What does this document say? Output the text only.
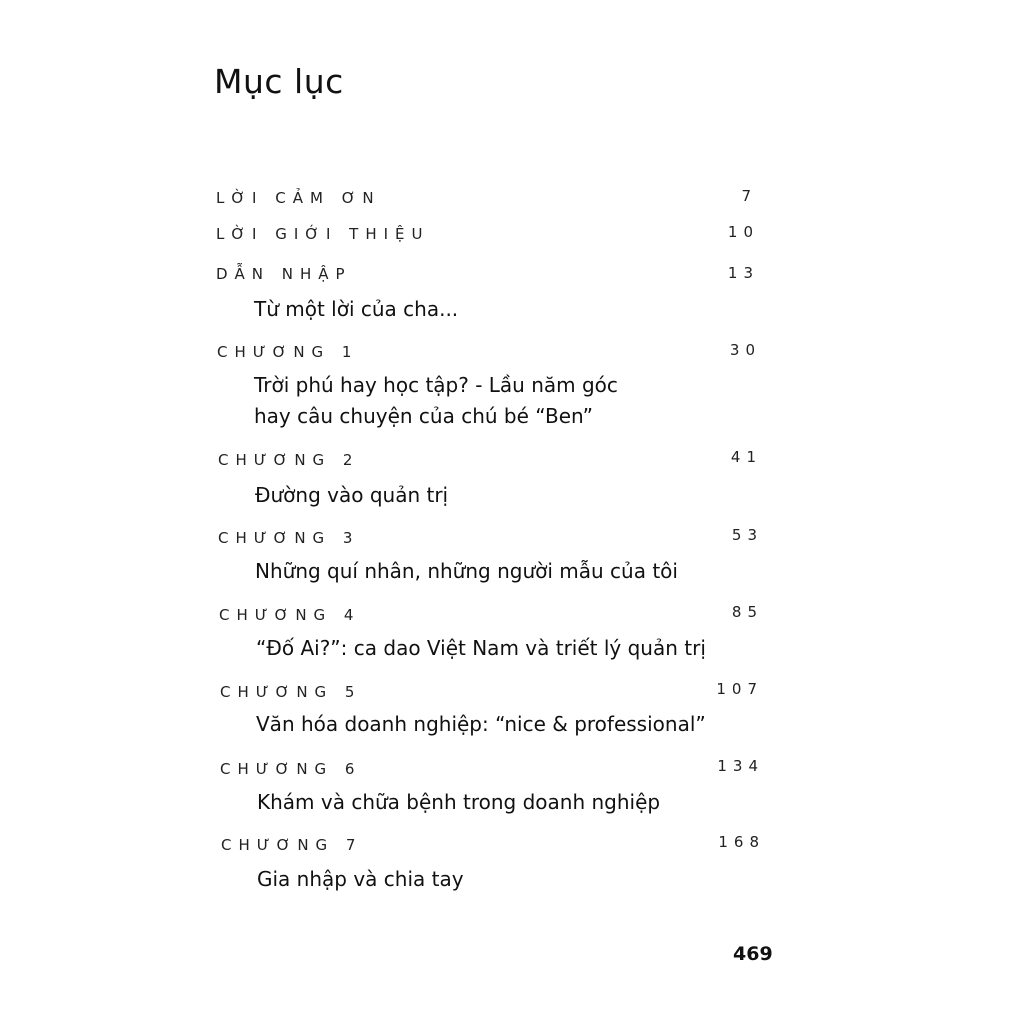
Mục lục
LỜI CẢM ƠN	7
LỜI GIỚI THIỆU	10
DẪN NHẬP	13
Từ một lời của cha...
CHƯƠNG 1	30
Trời phú hay học tập? - Lầu năm góc
hay câu chuyện của chú bé “Ben”
CHƯƠNG 2	41
Đường vào quản trị
CHƯƠNG 3	53
Những quí nhân, những người mẫu của tôi
CHƯƠNG 4	85
“Đố Ai?”: ca dao Việt Nam và triết lý quản trị
CHƯƠNG 5	107
Văn hóa doanh nghiệp: “nice & professional”
CHƯƠNG 6	134
Khám và chữa bệnh trong doanh nghiệp
CHƯƠNG 7	168
Gia nhập và chia tay
469
